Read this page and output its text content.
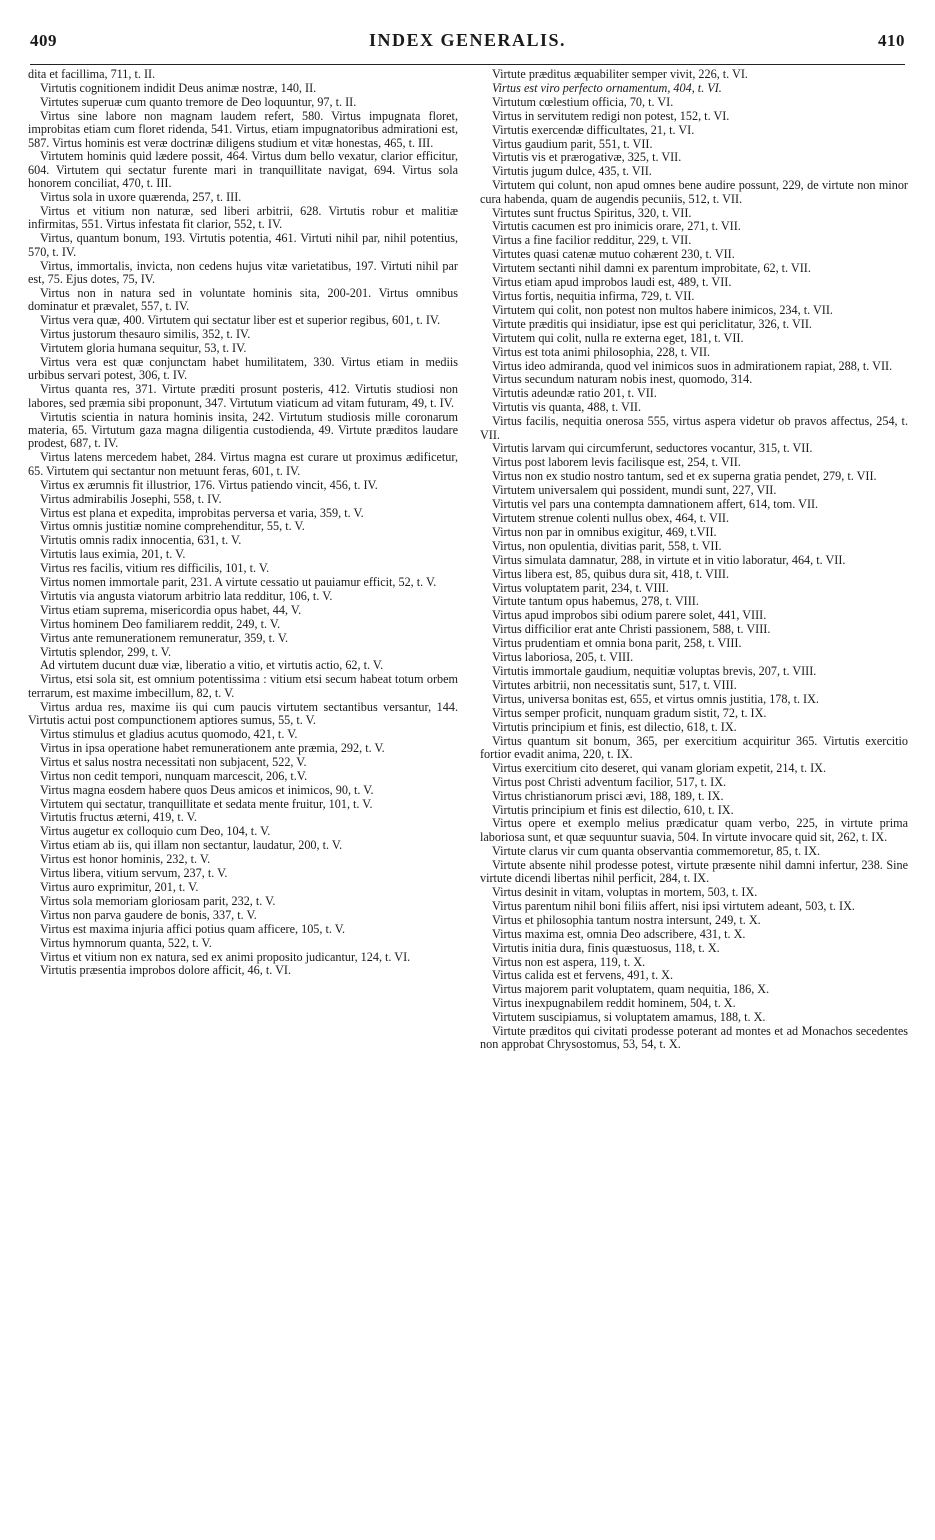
409	INDEX GENERALIS.	410

dita et facillima, 711, t. II.

Virtutis cognitionem indidit Deus animæ nostræ, 140, II.

Virtutes superuæ cum quanto tremore de Deo loquuntur, 97, t. II.

Virtus sine labore non magnam laudem refert, 580. Virtus impugnata floret, improbitas etiam cum floret ridenda, 541. Virtus, etiam impugnatoribus admirationi est, 587. Virtus hominis est veræ doctrinæ diligens studium et vitæ honestas, 465, t. III.

Virtutem hominis quid lædere possit, 464. Virtus dum bello vexatur, clarior efficitur, 604. Virtutem qui sectatur furente mari in tranquillitate navigat, 694. Virtus sola honorem conciliat, 470, t. III.

Virtus sola in uxore quærenda, 257, t. III.

Virtus et vitium non naturæ, sed liberi arbitrii, 628. Virtutis robur et malitiæ infirmitas, 551. Virtus infestata fit clarior, 552, t. IV.

Virtus, quantum bonum, 193. Virtutis potentia, 461. Virtuti nihil par, nihil potentius, 570, t. IV.

Virtus, immortalis, invicta, non cedens hujus vitæ varietatibus, 197. Virtuti nihil par est, 75. Ejus dotes, 75, IV.

Virtus non in natura sed in voluntate hominis sita, 200-201. Virtus omnibus dominatur et prævalet, 557, t. IV.

Virtus vera quæ, 400. Virtutem qui sectatur liber est et superior regibus, 601, t. IV.

Virtus justorum thesauro similis, 352, t. IV.

Virtutem gloria humana sequitur, 53, t. IV.

Virtus vera est quæ conjunctam habet humilitatem, 330. Virtus etiam in mediis urbibus servari potest, 306, t. IV.

Virtus quanta res, 371. Virtute præditi prosunt posteris, 412. Virtutis studiosi non labores, sed præmia sibi proponunt, 347. Virtutum viaticum ad vitam futuram, 49, t. IV.

Virtutis scientia in natura hominis insita, 242. Virtutum studiosis mille coronarum materia, 65. Virtutum gaza magna diligentia custodienda, 49. Virtute præditos laudare prodest, 687, t. IV.

Virtus latens mercedem habet, 284. Virtus magna est curare ut proximus ædificetur, 65. Virtutem qui sectantur non metuunt feras, 601, t. IV.

Virtus ex ærumnis fit illustrior, 176. Virtus patiendo vincit, 456, t. IV.

Virtus admirabilis Josephi, 558, t. IV.

Virtus est plana et expedita, improbitas perversa et varia, 359, t. V.

Virtus omnis justitiæ nomine comprehenditur, 55, t. V.

Virtutis omnis radix innocentia, 631, t. V.

Virtutis laus eximia, 201, t. V.

Virtus res facilis, vitium res difficilis, 101, t. V.

Virtus nomen immortale parit, 231. A virtute cessatio ut pauiamur efficit, 52, t. V.

Virtutis via angusta viatorum arbitrio lata redditur, 106, t. V.

Virtus etiam suprema, misericordia opus habet, 44, V.

Virtus hominem Deo familiarem reddit, 249, t. V.

Virtus ante remunerationem remuneratur, 359, t. V.

Virtutis splendor, 299, t. V.

Ad virtutem ducunt duæ viæ, liberatio a vitio, et virtutis actio, 62, t. V.

Virtus, etsi sola sit, est omnium potentissima : vitium etsi secum habeat totum orbem terrarum, est maxime imbecillum, 82, t. V.

Virtus ardua res, maxime iis qui cum paucis virtutem sectantibus versantur, 144. Virtutis actui post compunctionem aptiores sumus, 55, t. V.

Virtus stimulus et gladius acutus quomodo, 421, t. V.

Virtus in ipsa operatione habet remunerationem ante præmia, 292, t. V.

Virtus et salus nostra necessitati non subjacent, 522, V.

Virtus non cedit tempori, nunquam marcescit, 206, t.V.

Virtus magna eosdem habere quos Deus amicos et inimicos, 90, t. V.

Virtutem qui sectatur, tranquillitate et sedata mente fruitur, 101, t. V.

Virtutis fructus æterni, 419, t. V.

Virtus augetur ex colloquio cum Deo, 104, t. V.

Virtus etiam ab iis, qui illam non sectantur, laudatur, 200, t. V.

Virtus est honor hominis, 232, t. V.

Virtus libera, vitium servum, 237, t. V.

Virtus auro exprimitur, 201, t. V.

Virtus sola memoriam gloriosam parit, 232, t. V.

Virtus non parva gaudere de bonis, 337, t. V.

Virtus est maxima injuria affici potius quam afficere, 105, t. V.

Virtus hymnorum quanta, 522, t. V.

Virtus et vitium non ex natura, sed ex animi proposito judicantur, 124, t. VI.

Virtutis præsentia improbos dolore afficit, 46, t. VI.

Virtute præditus æquabiliter semper vivit, 226, t. VI.

Virtus est viro perfecto ornamentum, 404, t. VI.

Virtutum cœlestium officia, 70, t. VI.

Virtus in servitutem redigi non potest, 152, t. VI.

Virtutis exercendæ difficultates, 21, t. VI.

Virtus gaudium parit, 551, t. VII.

Virtutis vis et prærogativæ, 325, t. VII.

Virtutis jugum dulce, 435, t. VII.

Virtutem qui colunt, non apud omnes bene audire possunt, 229, de virtute non minor cura habenda, quam de augendis pecuniis, 512, t. VII.

Virtutes sunt fructus Spiritus, 320, t. VII.

Virtutis cacumen est pro inimicis orare, 271, t. VII.

Virtus a fine facilior redditur, 229, t. VII.

Virtutes quasi catenæ mutuo cohærent 230, t. VII.

Virtutem sectanti nihil damni ex parentum improbitate, 62, t. VII.

Virtus etiam apud improbos laudi est, 489, t. VII.

Virtus fortis, nequitia infirma, 729, t. VII.

Virtutem qui colit, non potest non multos habere inimicos, 234, t. VII.

Virtute præditis qui insidiatur, ipse est qui periclitatur, 326, t. VII.

Virtutem qui colit, nulla re externa eget, 181, t. VII.

Virtus est tota animi philosophia, 228, t. VII.

Virtus ideo admiranda, quod vel inimicos suos in admirationem rapiat, 288, t. VII.

Virtus secundum naturam nobis inest, quomodo, 314.

Virtutis adeundæ ratio 201, t. VII.

Virtutis vis quanta, 488, t. VII.

Virtus facilis, nequitia onerosa 555, virtus aspera videtur ob pravos affectus, 254, t. VII.

Virtutis larvam qui circumferunt, seductores vocantur, 315, t. VII.

Virtus post laborem levis facilisque est, 254, t. VII.

Virtus non ex studio nostro tantum, sed et ex superna gratia pendet, 279, t. VII.

Virtutem universalem qui possident, mundi sunt, 227, VII.

Virtutis vel pars una contempta damnationem affert, 614, tom. VII.

Virtutem strenue colenti nullus obex, 464, t. VII.

Virtus non par in omnibus exigitur, 469, t.VII.

Virtus, non opulentia, divitias parit, 558, t. VII.

Virtus simulata damnatur, 288, in virtute et in vitio laboratur, 464, t. VII.

Virtus libera est, 85, quibus dura sit, 418, t. VIII.

Virtus voluptatem parit, 234, t. VIII.

Virtute tantum opus habemus, 278, t. VIII.

Virtus apud improbos sibi odium parere solet, 441, VIII.

Virtus difficilior erat ante Christi passionem, 588, t. VIII.

Virtus prudentiam et omnia bona parit, 258, t. VIII.

Virtus laboriosa, 205, t. VIII.

Virtutis immortale gaudium, nequitiæ voluptas brevis, 207, t. VIII.

Virtutes arbitrii, non necessitatis sunt, 517, t. VIII.

Virtus, universa bonitas est, 655, et virtus omnis justitia, 178, t. IX.

Virtus semper proficit, nunquam gradum sistit, 72, t. IX.

Virtutis principium et finis, est dilectio, 618, t. IX.

Virtus quantum sit bonum, 365, per exercitium acquiritur 365. Virtutis exercitio fortior evadit anima, 220, t. IX.

Virtus exercitium cito deseret, qui vanam gloriam expetit, 214, t. IX.

Virtus post Christi adventum facilior, 517, t. IX.

Virtus christianorum prisci ævi, 188, 189, t. IX.

Virtutis principium et finis est dilectio, 610, t. IX.

Virtus opere et exemplo melius prædicatur quam verbo, 225, in virtute prima laboriosa sunt, et quæ sequuntur suavia, 504. In virtute invocare quid sit, 262, t. IX.

Virtute clarus vir cum quanta observantia commemoretur, 85, t. IX.

Virtute absente nihil prodesse potest, virtute præsente nihil damni infertur, 238. Sine virtute dicendi libertas nihil perficit, 284, t. IX.

Virtus desinit in vitam, voluptas in mortem, 503, t. IX.

Virtus parentum nihil boni filiis affert, nisi ipsi virtutem adeant, 503, t. IX.

Virtus et philosophia tantum nostra intersunt, 249, t. X.

Virtus maxima est, omnia Deo adscribere, 431, t. X.

Virtutis initia dura, finis quæstuosus, 118, t. X.

Virtus non est aspera, 119, t. X.

Virtus calida est et fervens, 491, t. X.

Virtus majorem parit voluptatem, quam nequitia, 186, X.

Virtus inexpugnabilem reddit hominem, 504, t. X.

Virtutem suscipiamus, si voluptatem amamus, 188, t. X.

Virtute præditos qui civitati prodesse poterant ad montes et ad Monachos secedentes non approbat Chrysostomus, 53, 54, t. X.
